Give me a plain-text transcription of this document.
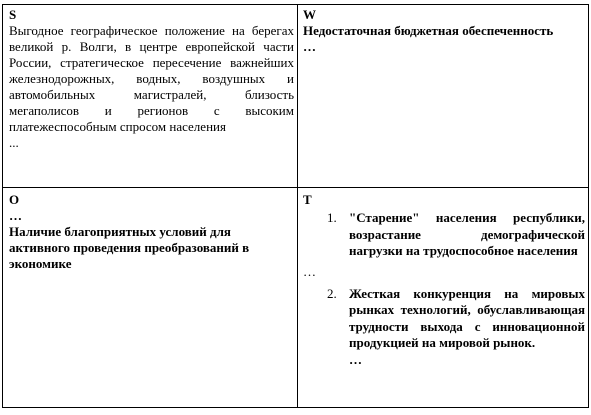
S
Выгодное географическое положение на берегах великой р. Волги, в центре европейской части России, стратегическое пересечение важнейших железнодорожных, водных, воздушных и автомобильных магистралей, близость мегаполисов и регионов с высоким платежеспособным спросом населения
...
W
Недостаточная бюджетная обеспеченность
…
O
…
Наличие благоприятных условий для активного проведения преобразований в экономике
T
1. "Старение" населения республики, возрастание демографической нагрузки на трудоспособное населения
…
2. Жесткая конкуренция на мировых рынках технологий, обуславливающая трудности выхода с инновационной продукцией на мировой рынок.
…
